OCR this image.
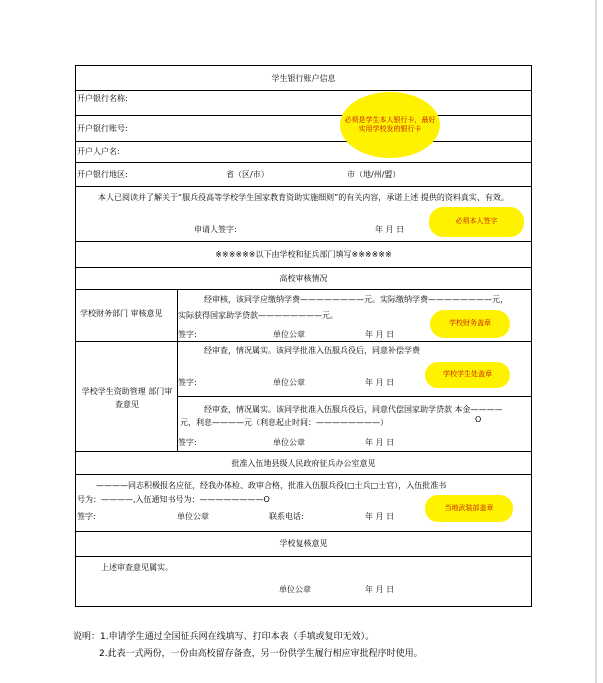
学生银行账户信息
开户银行名称:
开户银行账号:
开户人户名:
开户银行地区:	省（区/市）	市（地/州/盟）
本人已阅读并了解关于“服兵役高等学校学生国家教育资助实施细则”的有关内容，承诺上述 提供的资料真实、有效。
申请人签字:	年 月 日
※※※※※※以下由学校和征兵部门填写※※※※※※
高校审核情况
学校财务部门 审核意见
经审核，该同学应缴纳学费————————元。实际缴纳学费————————元，
实际获得国家助学贷款————————元。
签字:	单位公章	年 月 日
学校学生资助管理 部门审查意见
经审查，情况属实。该同学批准入伍服兵役后，同意补偿学费
签字:	单位公章	年 月 日
经审查，情况属实。该同学批准入伍服兵役后，同意代偿国家助学贷款 本金————元，利息————元（利息起止时间：————————）	O
签字:	单位公章	年 月 日
批准入伍地县级人民政府征兵办公室意见
————同志积极报名应征，经我办体检、政审合格，批准入伍服兵役(□士兵□士官），入伍批准书
号为：————,入伍通知书号为：————————O
签字:	单位公章	联系电话:	年 月 日
学校复核意见
上述审查意见属实。
单位公章	年 月 日
必须是学生本人银行卡，最好实用学校发的银行卡
必须本人签字
学校财务盖章
学校学生处盖章
当地武装部盖章
说明：1.申请学生通过全国征兵网在线填写、打印本表（手填或复印无效）。
2.此表一式两份，一份由高校留存备查，另一份供学生履行相应审批程序时使用。
